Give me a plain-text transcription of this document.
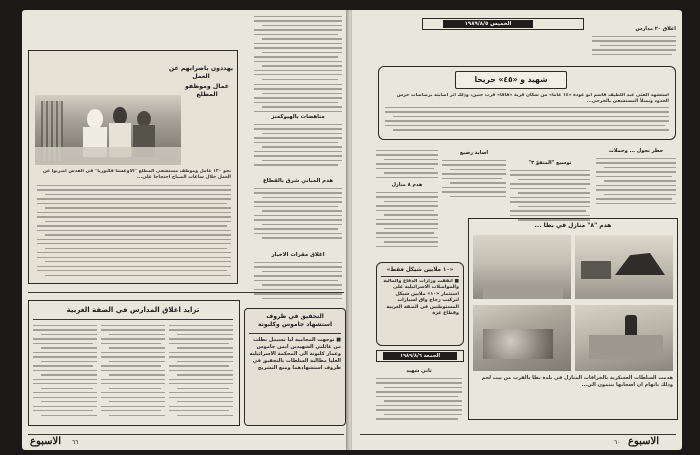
عمال وموظفو المطلع
يهددون باضرابهم عن العمل
نحو ١٢٠ عامل وموظف مستشفى المطلع "الأوغستا فكتوريا" في القدس اضربوا عن
العمل خلال ساعات الصباح احتجاجا على...
مناهضات بالهيوكمنز
هدم المباني شرق بالقطاع
اغلاق مقرات الاخبار
تزايد اغلاق المدارس في الضفة الغربية
التحقيق في ظروف
استشهاد جاموس وكلبونة
■ توجهت المحامية ليا تسيمل بطلب من عائلتي الشهيدين ايمن جاموس وعمار كلبونة الى المحكمة الاسرائيلية العليا مطالبة السلطات بالتحقيق في ظروف استشهادهما ومنع التشريح
الاسبوع ٦٦
الخميس ١٩٨٩/٨/٥
اغلاق ٢٠ مدارس
شهيد و «٤٥» جريحا
استشهد الفتى عبد اللطيف قاسم ابو عودة «١٤ عاما» من سكان قرية «قاقا» قرب جنين، وذلك اثر اصابته برصاصات حرس الحدود ويمتلأ المستشفى بالجرحى...
اصابة رضيع
هدم ٨ منازل
توسيع "المتفوّ ٣"
حظر تجول ... وحملات
هدم "٨" منازل في بطا ...
هدمت السلطات العسكرية بالجرافات المنازل في بلدة بطا بالقرب من بيت لحم وذلك باتهام ان اصحابها ينتمون الى...
«١٠ ملايين شيكل فقط»
■ اتفقت وزارات الدفاع والمالية والمواصلات الاسرائيلية على استثمار «١٠» ملايين شيكل لتركيب زجاج واق لسيارات المستوطنين في الضفة الغربية وقطاع غزة
الجمعة ١٩٨٩/٨/٦
ثاني شهيد
٦٠ الاسبوع
